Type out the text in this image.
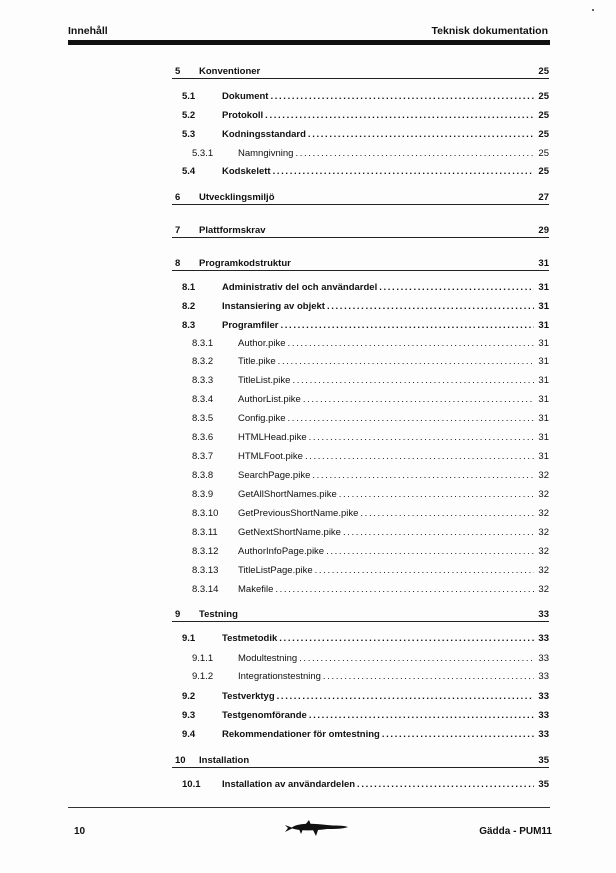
Innehåll	Teknisk dokumentation
5	Konventioner	25
5.1	Dokument . . .	25
5.2	Protokoll . . .	25
5.3	Kodningsstandard . . .	25
5.3.1	Namngivning . . .	25
5.4	Kodskelett . . .	25
6	Utvecklingsmiljö	27
7	Plattformskrav	29
8	Programkodstruktur	31
8.1	Administrativ del och användardel . . .	31
8.2	Instansiering av objekt . . .	31
8.3	Programfiler . . .	31
8.3.1	Author.pike . . .	31
8.3.2	Title.pike . . .	31
8.3.3	TitleList.pike . . .	31
8.3.4	AuthorList.pike . . .	31
8.3.5	Config.pike . . .	31
8.3.6	HTMLHead.pike . . .	31
8.3.7	HTMLFoot.pike . . .	31
8.3.8	SearchPage.pike . . .	32
8.3.9	GetAllShortNames.pike . . .	32
8.3.10	GetPreviousShortName.pike . . .	32
8.3.11	GetNextShortName.pike . . .	32
8.3.12	AuthorInfoPage.pike . . .	32
8.3.13	TitleListPage.pike . . .	32
8.3.14	Makefile . . .	32
9	Testning	33
9.1	Testmetodik . . .	33
9.1.1	Modultestning . . .	33
9.1.2	Integrationstestning . . .	33
9.2	Testverktyg . . .	33
9.3	Testgenomförande . . .	33
9.4	Rekommendationer för omtestning . . .	33
10	Installation	35
10.1	Installation av användardelen . . .	35
10	Gädda - PUM11
